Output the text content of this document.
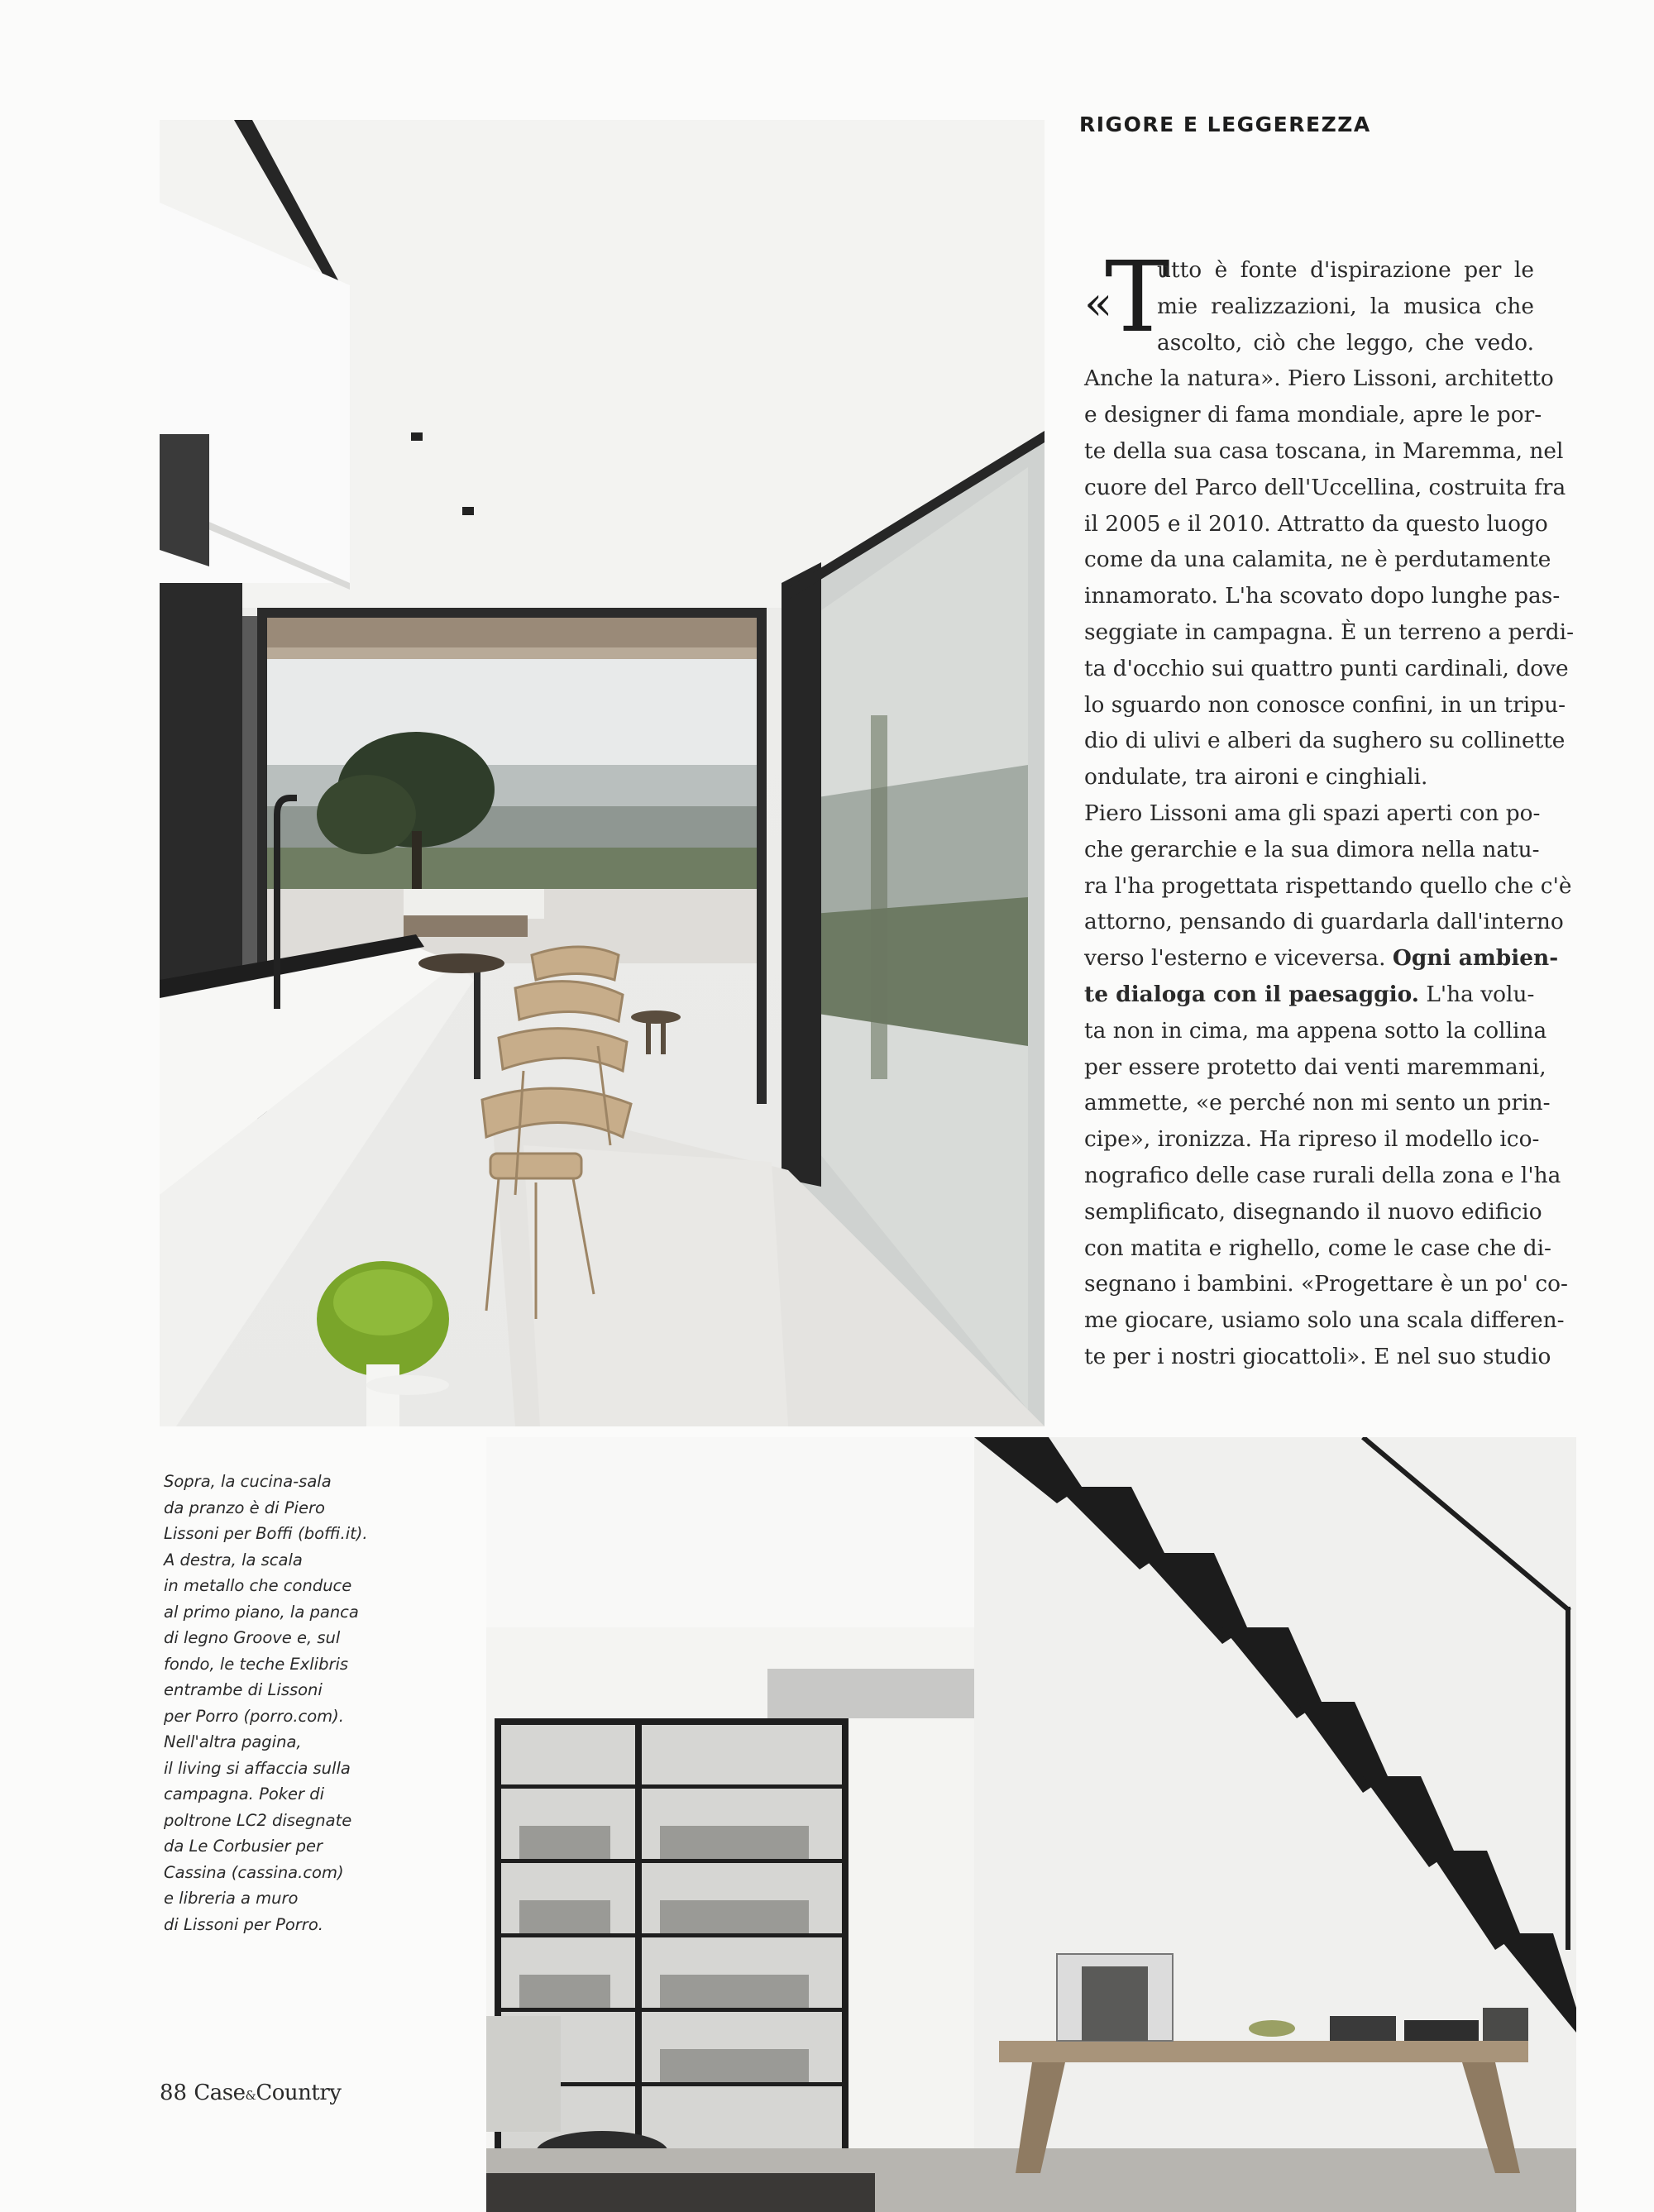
RIGORE E LEGGEREZZA
T
«
utto è fonte d'ispirazione per le
mie realizzazioni, la musica che
ascolto, ciò che leggo, che vedo.
Anche la natura». Piero Lissoni, architetto
e designer di fama mondiale, apre le por-
te della sua casa toscana, in Maremma, nel
cuore del Parco dell'Uccellina, costruita fra
il 2005 e il 2010. Attratto da questo luogo
come da una calamita, ne è perdutamente
innamorato. L'ha scovato dopo lunghe pas-
seggiate in campagna. È un terreno a perdi-
ta d'occhio sui quattro punti cardinali, dove
lo sguardo non conosce confini, in un tripu-
dio di ulivi e alberi da sughero su collinette
ondulate, tra aironi e cinghiali.
Piero Lissoni ama gli spazi aperti con po-
che gerarchie e la sua dimora nella natu-
ra l'ha progettata rispettando quello che c'è
attorno, pensando di guardarla dall'interno
verso l'esterno e viceversa. Ogni ambien-
te dialoga con il paesaggio. L'ha volu-
ta non in cima, ma appena sotto la collina
per essere protetto dai venti maremmani,
ammette, «e perché non mi sento un prin-
cipe», ironizza. Ha ripreso il modello ico-
nografico delle case rurali della zona e l'ha
semplificato, disegnando il nuovo edificio
con matita e righello, come le case che di-
segnano i bambini. «Progettare è un po' co-
me giocare, usiamo solo una scala differen-
te per i nostri giocattoli». E nel suo studio
Sopra, la cucina-sala
da pranzo è di Piero
Lissoni per Boffi (boffi.it).
A destra, la scala
in metallo che conduce
al primo piano, la panca
di legno Groove e, sul
fondo, le teche Exlibris
entrambe di Lissoni
per Porro (porro.com).
Nell'altra pagina,
il living si affaccia sulla
campagna. Poker di
poltrone LC2 disegnate
da Le Corbusier per
Cassina (cassina.com)
e libreria a muro
di Lissoni per Porro.
88 Case&Country
